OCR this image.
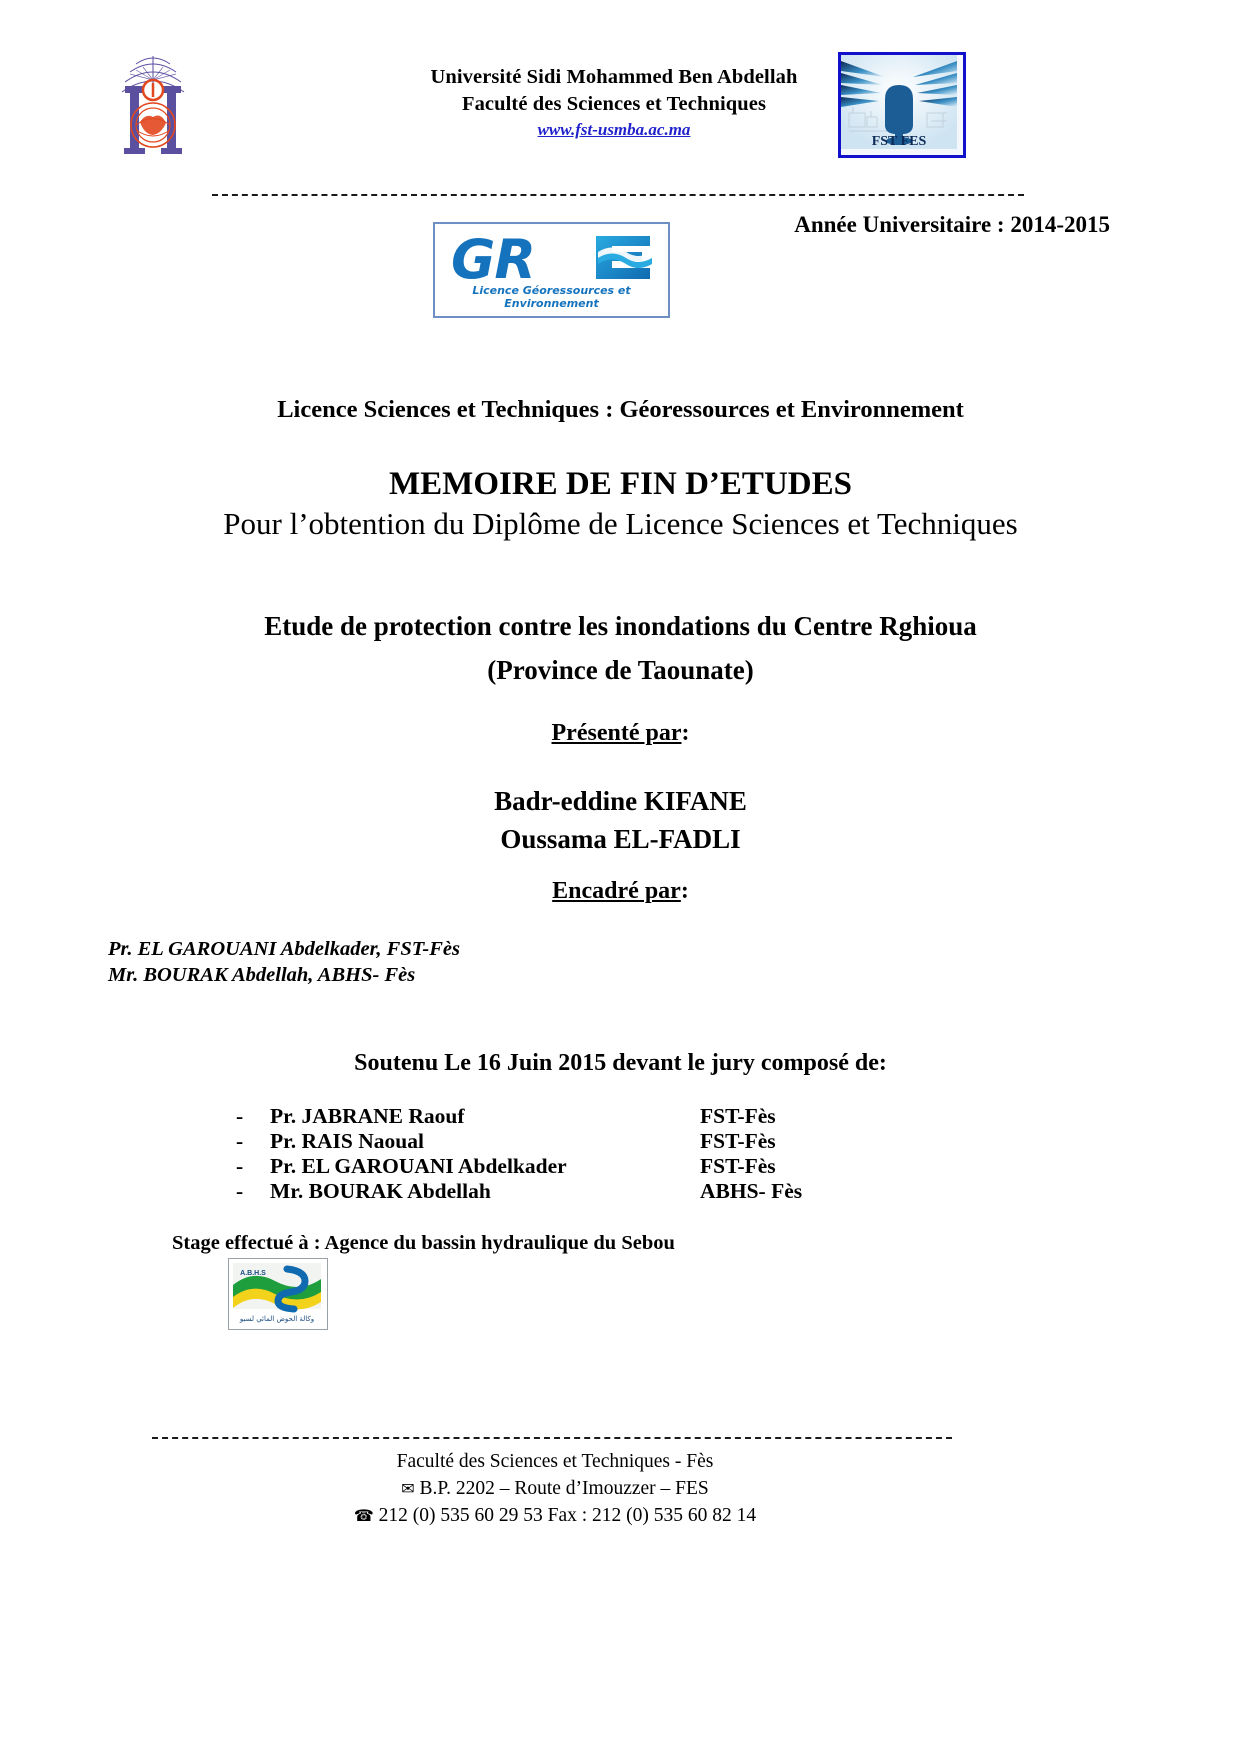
Université Sidi Mohammed Ben Abdellah
Faculté des Sciences et Techniques
www.fst-usmba.ac.ma
FST FES
Année Universitaire : 2014-2015
GR
Licence Géoressources et Environnement
Licence Sciences et Techniques : Géoressources et Environnement
MEMOIRE DE FIN D’ETUDES
Pour l’obtention du Diplôme de Licence Sciences et Techniques
Etude de protection contre les inondations du Centre Rghioua
(Province de Taounate)
Présenté par:
Badr-eddine KIFANE
Oussama EL-FADLI
Encadré par:
Pr. EL GAROUANI Abdelkader, FST-Fès
Mr. BOURAK Abdellah, ABHS- Fès
Soutenu Le 16 Juin 2015 devant le jury composé de:
-	Pr. JABRANE Raouf	FST-Fès
-	Pr. RAIS Naoual	FST-Fès
-	Pr. EL GAROUANI Abdelkader	FST-Fès
-	Mr. BOURAK Abdellah	ABHS- Fès
Stage effectué à : Agence du bassin hydraulique du Sebou
A.B.H.S
وكالة الحوض المائي لسبو
Faculté des Sciences et Techniques - Fès
✉ B.P. 2202 – Route d’Imouzzer – FES
☎ 212 (0) 535 60 29 53 Fax : 212 (0) 535 60 82 14
